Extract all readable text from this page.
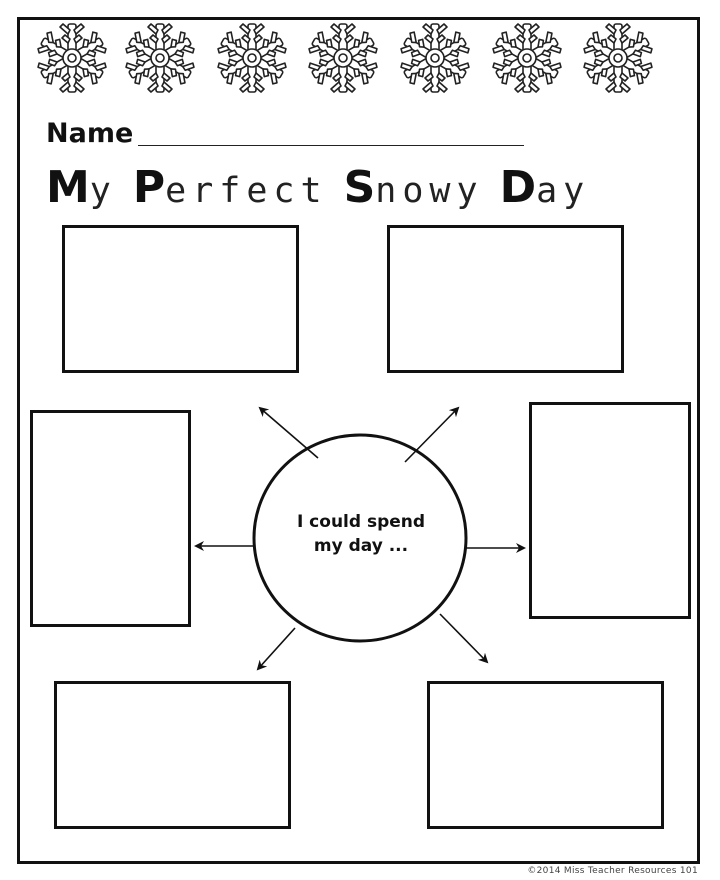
Name
My Perfect Snowy Day
I could spend
my day ...
©2014 Miss Teacher Resources 101
